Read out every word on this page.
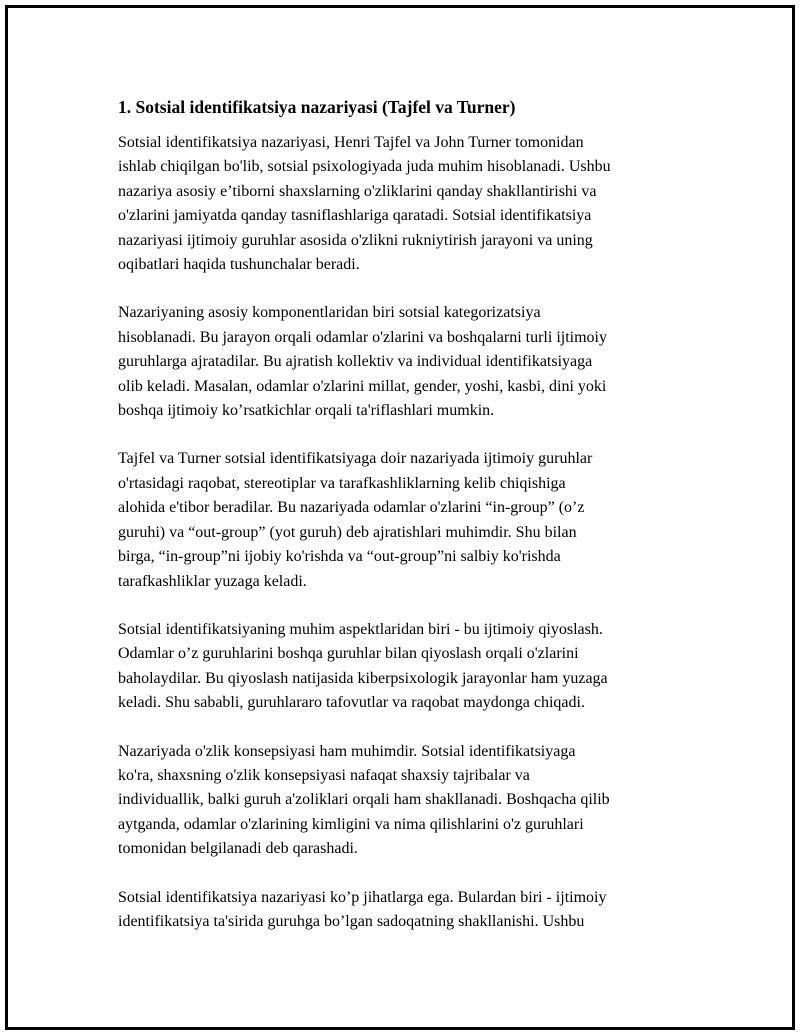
1. Sotsial identifikatsiya nazariyasi (Tajfel va Turner)

Sotsial identifikatsiya nazariyasi, Henri Tajfel va John Turner tomonidan
ishlab chiqilgan bo'lib, sotsial psixologiyada juda muhim hisoblanadi. Ushbu
nazariya asosiy e’tiborni shaxslarning o'zliklarini qanday shakllantirishi va
o'zlarini jamiyatda qanday tasniflashlariga qaratadi. Sotsial identifikatsiya
nazariyasi ijtimoiy guruhlar asosida o'zlikni rukniytirish jarayoni va uning
oqibatlari haqida tushunchalar beradi.

Nazariyaning asosiy komponentlaridan biri sotsial kategorizatsiya
hisoblanadi. Bu jarayon orqali odamlar o'zlarini va boshqalarni turli ijtimoiy
guruhlarga ajratadilar. Bu ajratish kollektiv va individual identifikatsiyaga
olib keladi. Masalan, odamlar o'zlarini millat, gender, yoshi, kasbi, dini yoki
boshqa ijtimoiy ko’rsatkichlar orqali ta'riflashlari mumkin.

Tajfel va Turner sotsial identifikatsiyaga doir nazariyada ijtimoiy guruhlar
o'rtasidagi raqobat, stereotiplar va tarafkashliklarning kelib chiqishiga
alohida e'tibor beradilar. Bu nazariyada odamlar o'zlarini “in-group” (o’z
guruhi) va “out-group” (yot guruh) deb ajratishlari muhimdir. Shu bilan
birga, “in-group”ni ijobiy ko'rishda va “out-group”ni salbiy ko'rishda
tarafkashliklar yuzaga keladi.

Sotsial identifikatsiyaning muhim aspektlaridan biri - bu ijtimoiy qiyoslash.
Odamlar o’z guruhlarini boshqa guruhlar bilan qiyoslash orqali o'zlarini
baholaydilar. Bu qiyoslash natijasida kiberpsixologik jarayonlar ham yuzaga
keladi. Shu sababli, guruhlararo tafovutlar va raqobat maydonga chiqadi.

Nazariyada o'zlik konsepsiyasi ham muhimdir. Sotsial identifikatsiyaga
ko'ra, shaxsning o'zlik konsepsiyasi nafaqat shaxsiy tajribalar va
individuallik, balki guruh a'zoliklari orqali ham shakllanadi. Boshqacha qilib
aytganda, odamlar o'zlarining kimligini va nima qilishlarini o'z guruhlari
tomonidan belgilanadi deb qarashadi.

Sotsial identifikatsiya nazariyasi ko’p jihatlarga ega. Bulardan biri - ijtimoiy
identifikatsiya ta'sirida guruhga bo’lgan sadoqatning shakllanishi. Ushbu
